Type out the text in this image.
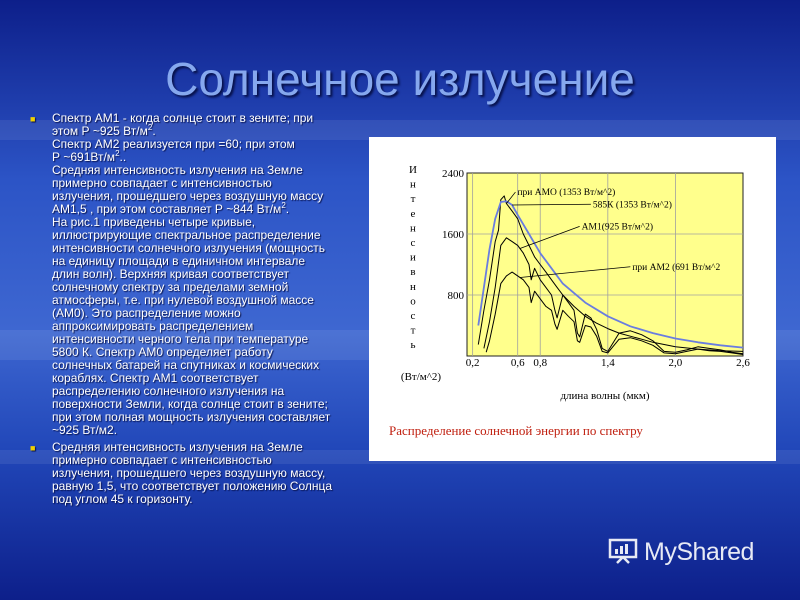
Солнечное излучение
■ Спектр АМ1 - когда солнце стоит в зените; при
этом Р ~925 $Вт/м^2$.
Спектр АМ2 реализуется при =60; при этом
Р $\sim 691Вт/м^2$..
Средняя интенсивность излучения на Земле
примерно совпадает с интенсивностью
излучения, прошедшего через воздушную массу
АМ1,5 , при этом составляет Р ~844 $Вт/м^2$.
На рис.1 приведены четыре кривые,
иллюстрирующие спектральное распределение
интенсивности солнечного излучения (мощность
на единицу площади в единичном интервале
длин волн). Верхняя кривая соответствует
солнечному спектру за пределами земной
атмосферы, т.е. при нулевой воздушной массе
(АМ0). Это распределение можно
аппроксимировать распределением
интенсивности черного тела при температуре
5800 К. Спектр АМ0 определяет работу
солнечных батарей на спутниках и космических
кораблях. Спектр АМ1 соответствует
распределению солнечного излучения на
поверхности Земли, когда солнце стоит в зените;
при этом полная мощность излучения составляет
~925 Вт/м2.
■ Средняя интенсивность излучения на Земле
примерно совпадает с интенсивностью
излучения, прошедшего через воздушную массу,
равную 1,5, что соответствует положению Солнца
под углом 45 к горизонту.
800
1600
2400
0,2	0,6 0,8	1,4	2,0	2,6
И
н
т
е
н
с
и
в
н
о
с
т
ь
(Вт/м^2)
длина волны (мкм)
при АМО (1353 Вт/м^2)
585К (1353 Вт/м^2)
АМ1(925 Вт/м^2)
при АМ2 (691 Вт/м^2
Распределение солнечной энергии по спектру
MyShared
